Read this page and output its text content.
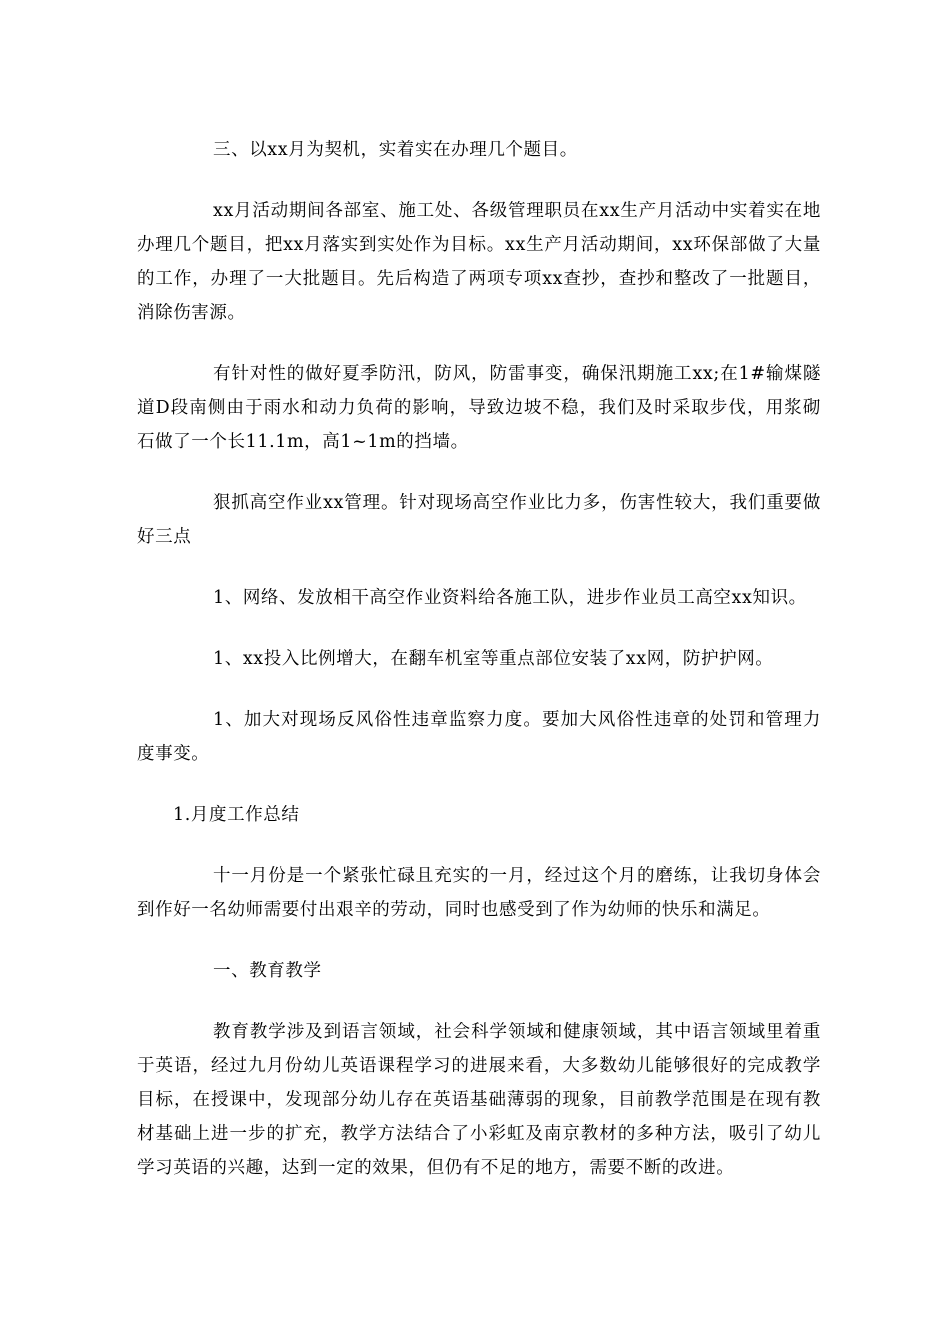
三、以xx月为契机，实着实在办理几个题目。

xx月活动期间各部室、施工处、各级管理职员在xx生产月活动中实着实在地办理几个题目，把xx月落实到实处作为目标。xx生产月活动期间，xx环保部做了大量的工作，办理了一大批题目。先后构造了两项专项xx查抄，查抄和整改了一批题目，消除伤害源。

有针对性的做好夏季防汛，防风，防雷事变，确保汛期施工xx;在1#输煤隧道D段南侧由于雨水和动力负荷的影响，导致边坡不稳，我们及时采取步伐，用浆砌石做了一个长11.1m，高1~1m的挡墙。

狠抓高空作业xx管理。针对现场高空作业比力多，伤害性较大，我们重要做好三点

1、网络、发放相干高空作业资料给各施工队，进步作业员工高空xx知识。

1、xx投入比例增大，在翻车机室等重点部位安装了xx网，防护护网。

1、加大对现场反风俗性违章监察力度。要加大风俗性违章的处罚和管理力度事变。

1.月度工作总结

十一月份是一个紧张忙碌且充实的一月，经过这个月的磨练，让我切身体会到作好一名幼师需要付出艰辛的劳动，同时也感受到了作为幼师的快乐和满足。

一、教育教学

教育教学涉及到语言领域，社会科学领域和健康领域，其中语言领域里着重于英语，经过九月份幼儿英语课程学习的进展来看，大多数幼儿能够很好的完成教学目标，在授课中，发现部分幼儿存在英语基础薄弱的现象，目前教学范围是在现有教材基础上进一步的扩充，教学方法结合了小彩虹及南京教材的多种方法，吸引了幼儿学习英语的兴趣，达到一定的效果，但仍有不足的地方，需要不断的改进。
